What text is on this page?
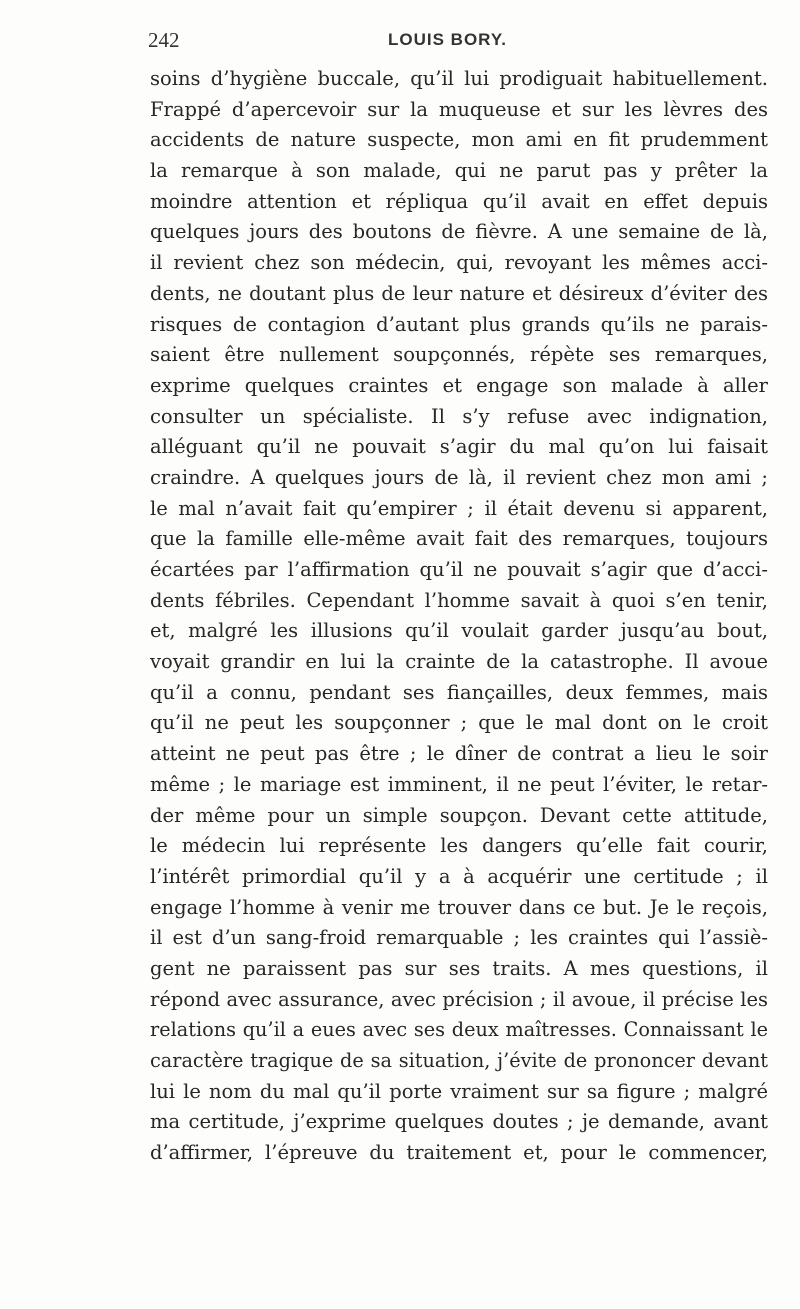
242	LOUIS BORY.
soins d’hygiène buccale, qu’il lui prodiguait habituellement.
Frappé d’apercevoir sur la muqueuse et sur les lèvres des
accidents de nature suspecte, mon ami en fit prudemment
la remarque à son malade, qui ne parut pas y prêter la
moindre attention et répliqua qu’il avait en effet depuis
quelques jours des boutons de fièvre. A une semaine de là,
il revient chez son médecin, qui, revoyant les mêmes acci-
dents, ne doutant plus de leur nature et désireux d’éviter des
risques de contagion d’autant plus grands qu’ils ne parais-
saient être nullement soupçonnés, répète ses remarques,
exprime quelques craintes et engage son malade à aller
consulter un spécialiste. Il s’y refuse avec indignation,
alléguant qu’il ne pouvait s’agir du mal qu’on lui faisait
craindre. A quelques jours de là, il revient chez mon ami ;
le mal n’avait fait qu’empirer ; il était devenu si apparent,
que la famille elle-même avait fait des remarques, toujours
écartées par l’affirmation qu’il ne pouvait s’agir que d’acci-
dents fébriles. Cependant l’homme savait à quoi s’en tenir,
et, malgré les illusions qu’il voulait garder jusqu’au bout,
voyait grandir en lui la crainte de la catastrophe. Il avoue
qu’il a connu, pendant ses fiançailles, deux femmes, mais
qu’il ne peut les soupçonner ; que le mal dont on le croit
atteint ne peut pas être ; le dîner de contrat a lieu le soir
même ; le mariage est imminent, il ne peut l’éviter, le retar-
der même pour un simple soupçon. Devant cette attitude,
le médecin lui représente les dangers qu’elle fait courir,
l’intérêt primordial qu’il y a à acquérir une certitude ; il
engage l’homme à venir me trouver dans ce but. Je le reçois,
il est d’un sang-froid remarquable ; les craintes qui l’assiè-
gent ne paraissent pas sur ses traits. A mes questions, il
répond avec assurance, avec précision ; il avoue, il précise les
relations qu’il a eues avec ses deux maîtresses. Connaissant le
caractère tragique de sa situation, j’évite de prononcer devant
lui le nom du mal qu’il porte vraiment sur sa figure ; malgré
ma certitude, j’exprime quelques doutes ; je demande, avant
d’affirmer, l’épreuve du traitement et, pour le commencer,
